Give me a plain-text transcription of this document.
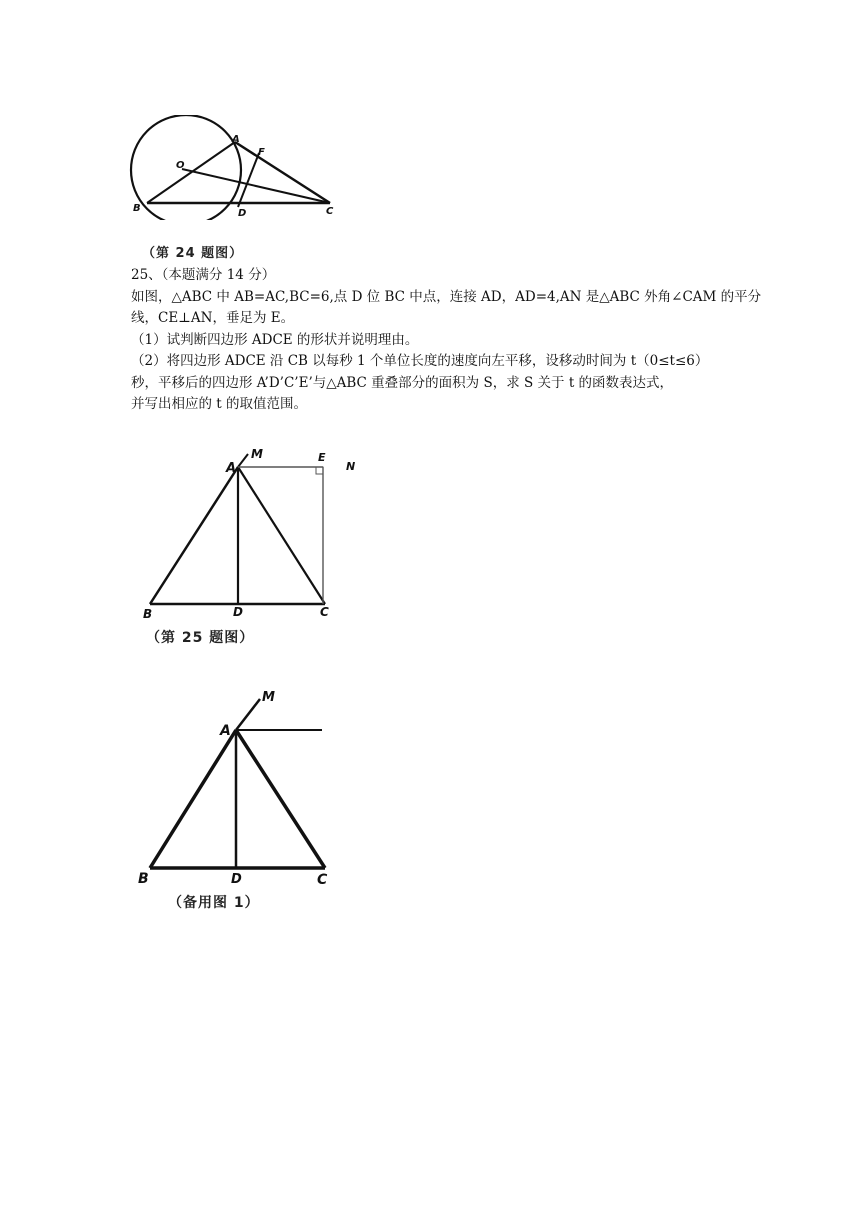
A
F
O
B	D	C
（第 24 题图）

25、（本题满分 14 分）

如图，△ABC 中 AB=AC,BC=6,点 D 位 BC 中点，连接 AD，AD=4,AN 是△ABC 外角∠CAM 的平分

线，CE⊥AN，垂足为 E。

（1）试判断四边形 ADCE 的形状并说明理由。

（2）将四边形 ADCE 沿 CB 以每秒 1 个单位长度的速度向左平移，设移动时间为 t（0≤t≤6）

秒，平移后的四边形 A’D’C’E’与△ABC 重叠部分的面积为 S，求 S 关于 t 的函数表达式，

并写出相应的 t 的取值范围。

A
M	E
N
B	D	C
（第 25 题图）
A
M
B	D	C
（备用图 1）
